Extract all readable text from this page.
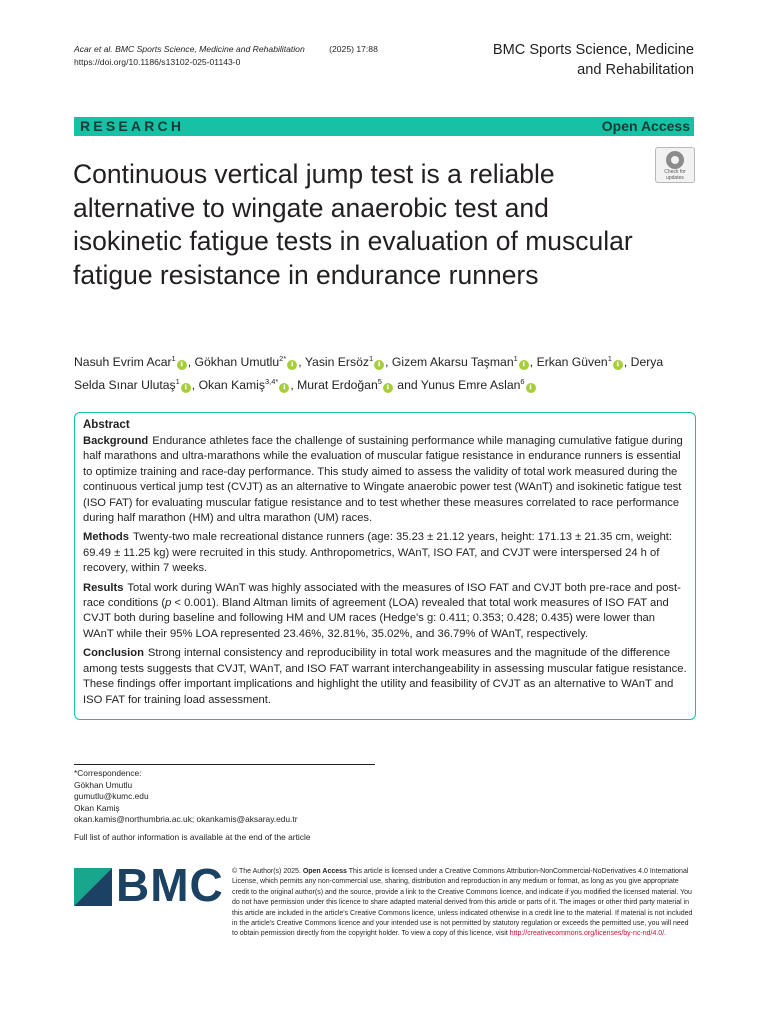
Acar et al. BMC Sports Science, Medicine and Rehabilitation	(2025) 17:88
https://doi.org/10.1186/s13102-025-01143-0
BMC Sports Science, Medicine
and Rehabilitation
RESEARCH	Open Access
Continuous vertical jump test is a reliable alternative to wingate anaerobic test and isokinetic fatigue tests in evaluation of muscular fatigue resistance in endurance runners
Check for
updates
Nasuh Evrim Acar$^1$ℹ , Gökhan Umutlu$^{2*}$ℹ , Yasin Ersöz$^1$ℹ , Gizem Akarsu Taşman$^1$ℹ , Erkan Güven$^1$ℹ , Derya Selda Sınar Ulutaş$^1$ℹ , Okan Kamiş$^{3,4*}$ℹ , Murat Erdoğan$^5$ℹ and Yunus Emre Aslan$^6$ℹ
Abstract
Background Endurance athletes face the challenge of sustaining performance while managing cumulative fatigue during half marathons and ultra-marathons while the evaluation of muscular fatigue resistance in endurance runners is essential to optimize training and race-day performance. This study aimed to assess the validity of total work measured during the continuous vertical jump test (CVJT) as an alternative to Wingate anaerobic power test (WAnT) and isokinetic fatigue test (ISO FAT) for evaluating muscular fatigue resistance and to test whether these measures correlated to race performance during half marathon (HM) and ultra marathon (UM) races.
Methods Twenty-two male recreational distance runners (age: 35.23 ± 21.12 years, height: 171.13 ± 21.35 cm, weight: 69.49 ± 11.25 kg) were recruited in this study. Anthropometrics, WAnT, ISO FAT, and CVJT were interspersed 24 h of recovery, within 7 weeks.
Results Total work during WAnT was highly associated with the measures of ISO FAT and CVJT both pre-race and post-race conditions (p < 0.001). Bland Altman limits of agreement (LOA) revealed that total work measures of ISO FAT and CVJT both during baseline and following HM and UM races (Hedge's g: 0.411; 0.353; 0.428; 0.435) were lower than WAnT while their 95% LOA represented 23.46%, 32.81%, 35.02%, and 36.79% of WAnT, respectively.
Conclusion Strong internal consistency and reproducibility in total work measures and the magnitude of the difference among tests suggests that CVJT, WAnT, and ISO FAT warrant interchangeability in assessing muscular fatigue resistance. These findings offer important implications and highlight the utility and feasibility of CVJT as an alternative to WAnT and ISO FAT for training load assessment.
*Correspondence:
Gökhan Umutlu
gumutlu@kumc.edu
Okan Kamiş
okan.kamis@northumbria.ac.uk; okankamis@aksaray.edu.tr
Full list of author information is available at the end of the article
BMC © The Author(s) 2025. Open Access This article is licensed under a Creative Commons Attribution-NonCommercial-NoDerivatives 4.0 International License, which permits any non-commercial use, sharing, distribution and reproduction in any medium or format, as long as you give appropriate credit to the original author(s) and the source, provide a link to the Creative Commons licence, and indicate if you modified the licensed material. You do not have permission under this licence to share adapted material derived from this article or parts of it. The images or other third party material in this article are included in the article's Creative Commons licence, unless indicated otherwise in a credit line to the material. If material is not included in the article's Creative Commons licence and your intended use is not permitted by statutory regulation or exceeds the permitted use, you will need to obtain permission directly from the copyright holder. To view a copy of this licence, visit http://creativecommons.org/licenses/by-nc-nd/4.0/.
